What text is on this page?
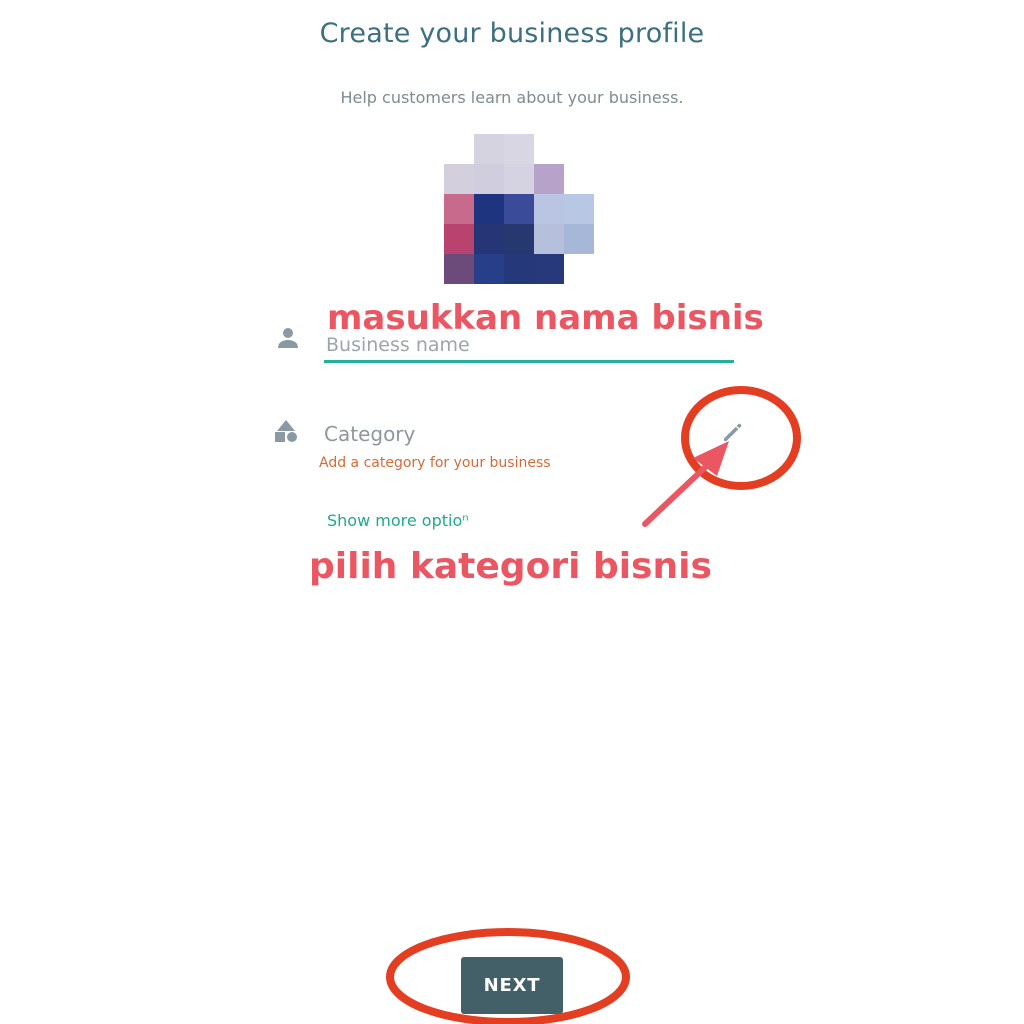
Create your business profile
Help customers learn about your business.
Business name
Category
Add a category for your business
Show more optioⁿ
NEXT
masukkan nama bisnis
pilih kategori bisnis
